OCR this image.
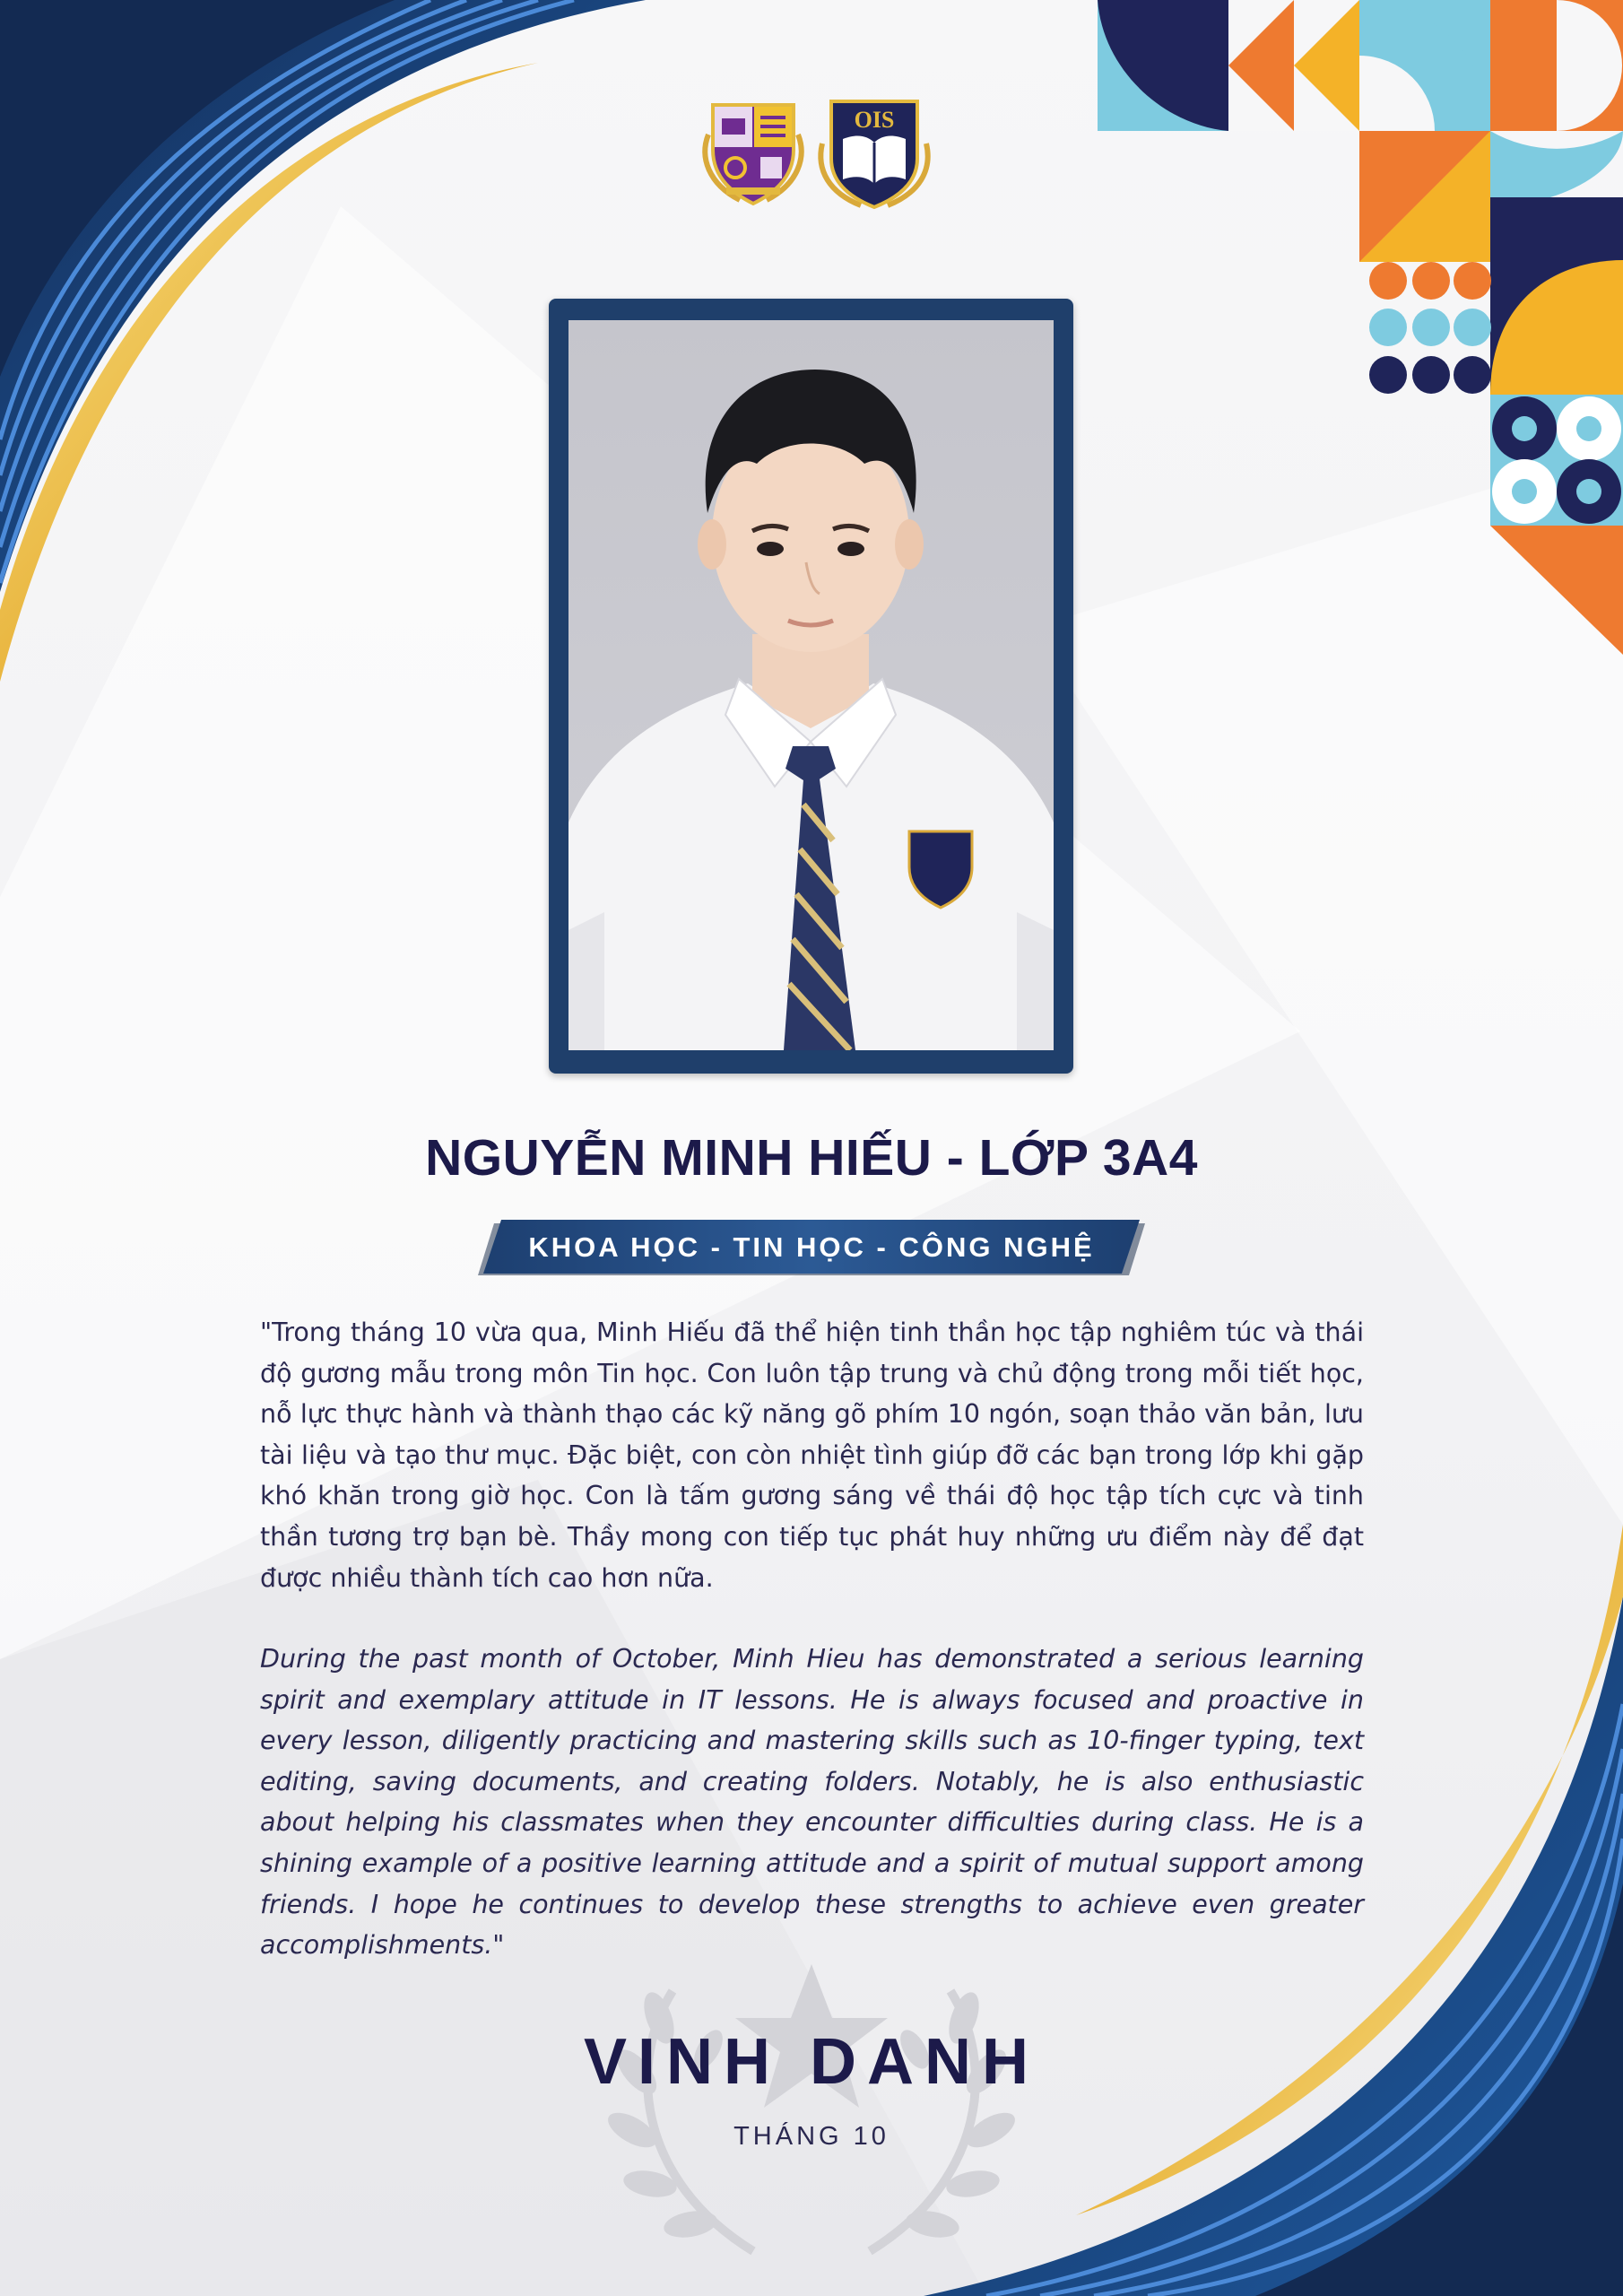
OIS
NGUYỄN MINH HIẾU - LỚP 3A4
KHOA HỌC - TIN HỌC - CÔNG NGHỆ
"Trong tháng 10 vừa qua, Minh Hiếu đã thể hiện tinh thần học tập nghiêm túc và thái độ gương mẫu trong môn Tin học. Con luôn tập trung và chủ động trong mỗi tiết học, nỗ lực thực hành và thành thạo các kỹ năng gõ phím 10 ngón, soạn thảo văn bản, lưu tài liệu và tạo thư mục. Đặc biệt, con còn nhiệt tình giúp đỡ các bạn trong lớp khi gặp khó khăn trong giờ học. Con là tấm gương sáng về thái độ học tập tích cực và tinh thần tương trợ bạn bè. Thầy mong con tiếp tục phát huy những ưu điểm này để đạt được nhiều thành tích cao hơn nữa.
During the past month of October, Minh Hieu has demonstrated a serious learning spirit and exemplary attitude in IT lessons. He is always focused and proactive in every lesson, diligently practicing and mastering skills such as 10-finger typing, text editing, saving documents, and creating folders. Notably, he is also enthusiastic about helping his classmates when they encounter difficulties during class. He is a shining example of a positive learning attitude and a spirit of mutual support among friends. I hope he continues to develop these strengths to achieve even greater accomplishments."
VINH DANH
THÁNG 10
